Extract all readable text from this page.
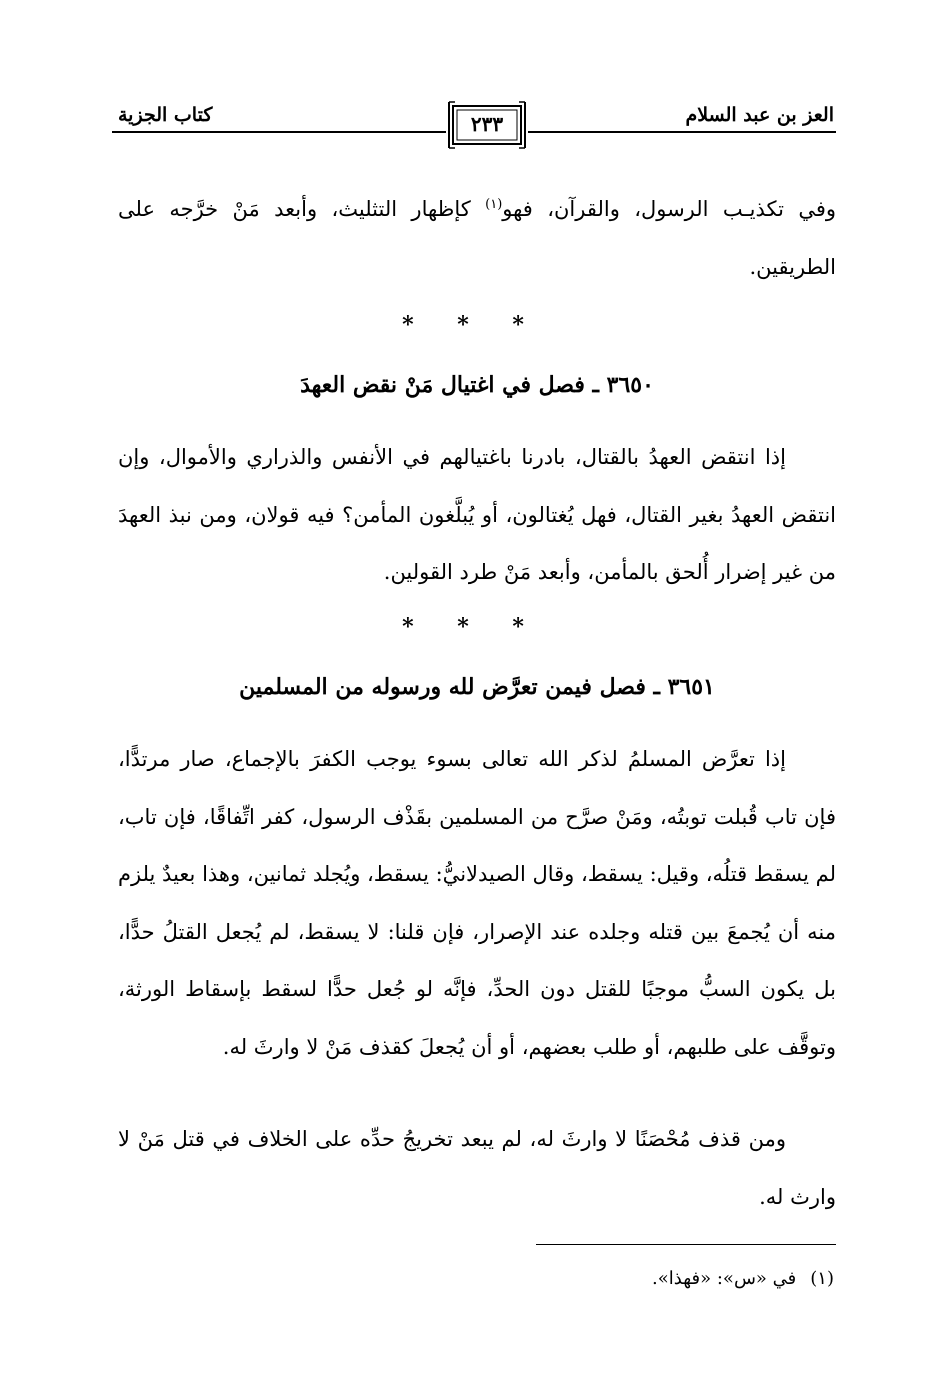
العز بن عبد السلام
٢٣٣
كتاب الجزية
وفي تكذيـب الرسول، والقرآن، فهو$^{(١)}$ كإظهار التثليث، وأبعد مَنْ خرَّجه على الطريقين.
* * *
٣٦٥٠ ـ فصل في اغتيال مَنْ نقض العهدَ
إذا انتقض العهدُ بالقتال، بادرنا باغتيالهم في الأنفس والذراري والأموال، وإن انتقض العهدُ بغير القتال، فهل يُغتالون، أو يُبلَّغون المأمن؟ فيه قولان، ومن نبذ العهدَ من غير إضرار أُلحق بالمأمن، وأبعد مَنْ طرد القولين.
* * *
٣٦٥١ ـ فصل فيمن تعرَّض لله ورسوله من المسلمين
إذا تعرَّض المسلمُ لذكر الله تعالى بسوء يوجب الكفرَ بالإجماع، صار مرتدًّا، فإن تاب قُبلت توبتُه، ومَنْ صرَّح من المسلمين بقَذْف الرسول، كفر اتِّفاقًا، فإن تاب، لم يسقط قتلُه، وقيل: يسقط، وقال الصيدلانيُّ: يسقط، ويُجلد ثمانين، وهذا بعيدٌ يلزم منه أن يُجمعَ بين قتله وجلده عند الإصرار، فإن قلنا: لا يسقط، لم يُجعل القتلُ حدًّا، بل يكون السبُّ موجبًا للقتل دون الحدِّ، فإنَّه لو جُعل حدًّا لسقط بإسقاط الورثة، وتوقَّف على طلبهم، أو طلب بعضهم، أو أن يُجعلَ كقذف مَنْ لا وارثَ له.
ومن قذف مُحْصَنًا لا وارثَ له، لم يبعد تخريجُ حدِّه على الخلاف في قتل مَنْ لا وارث له.
(١)في «س»: «فهذا».
